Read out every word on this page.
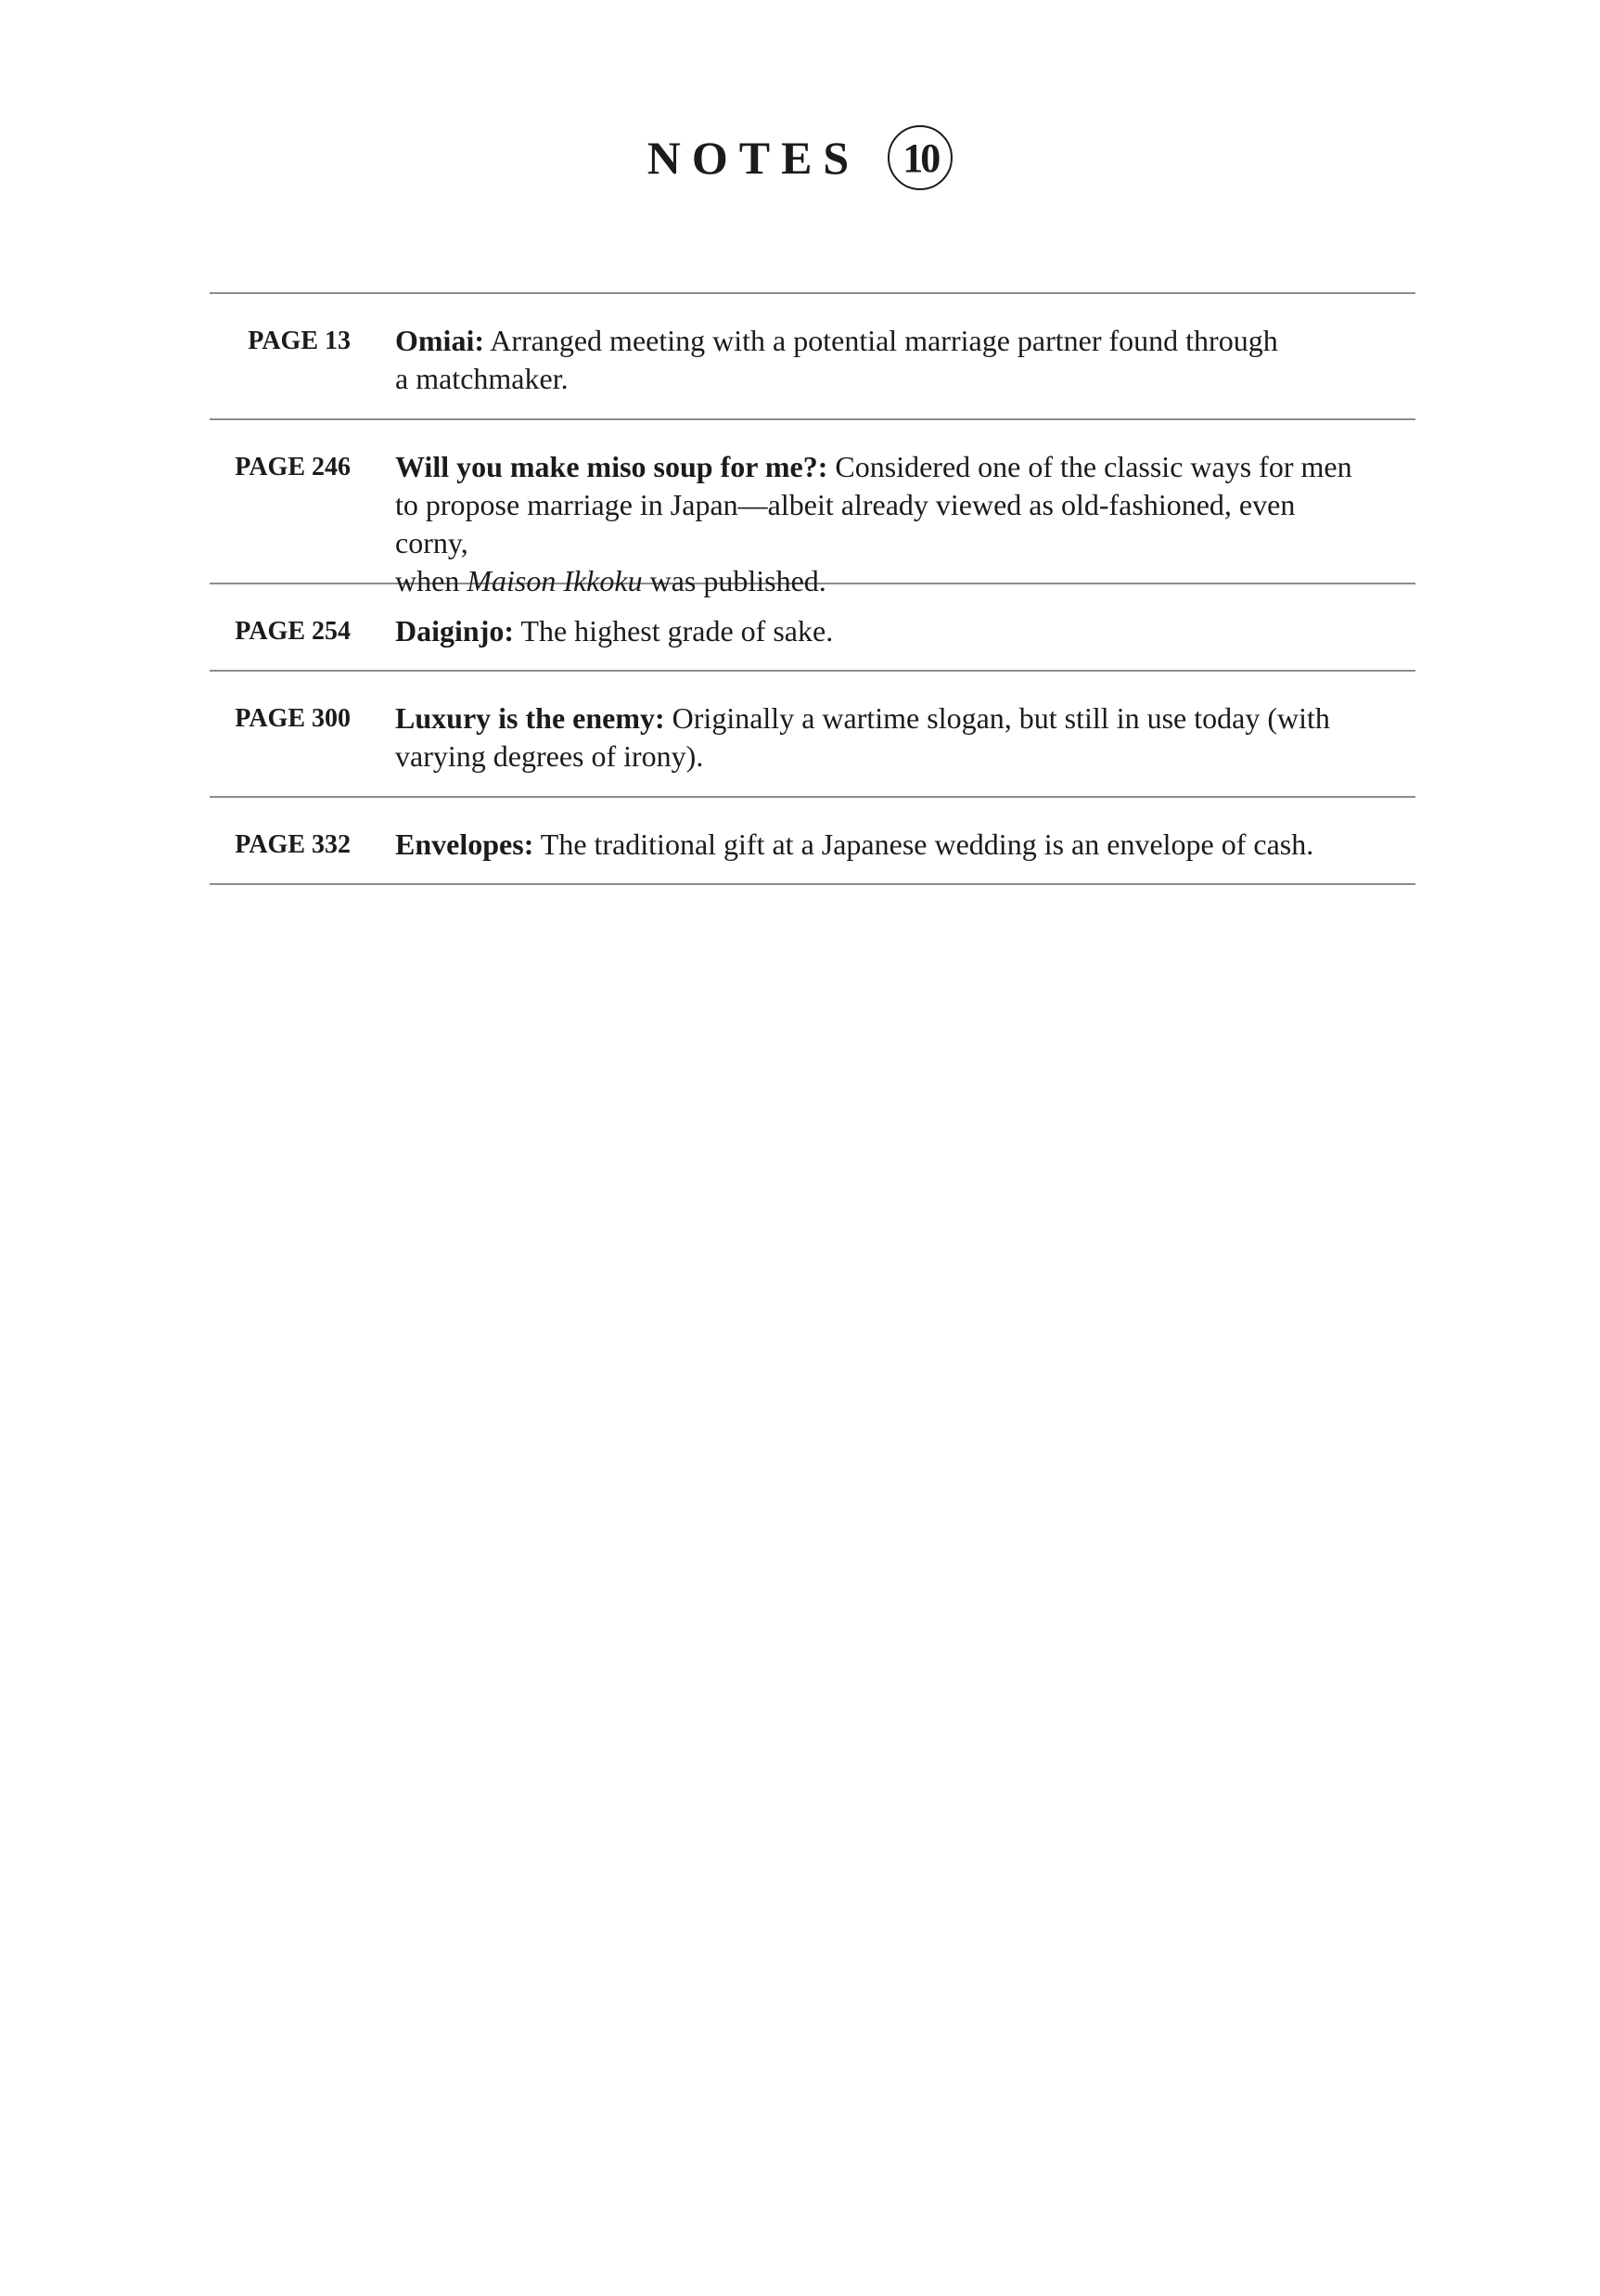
NOTES	10
PAGE 13 Omiai: Arranged meeting with a potential marriage partner found through
a matchmaker.
PAGE 246 Will you make miso soup for me?: Considered one of the classic ways for men
to propose marriage in Japan—albeit already viewed as old-fashioned, even corny,
when Maison Ikkoku was published.
PAGE 254 Daiginjo: The highest grade of sake.
PAGE 300 Luxury is the enemy: Originally a wartime slogan, but still in use today (with
varying degrees of irony).
PAGE 332 Envelopes: The traditional gift at a Japanese wedding is an envelope of cash.
